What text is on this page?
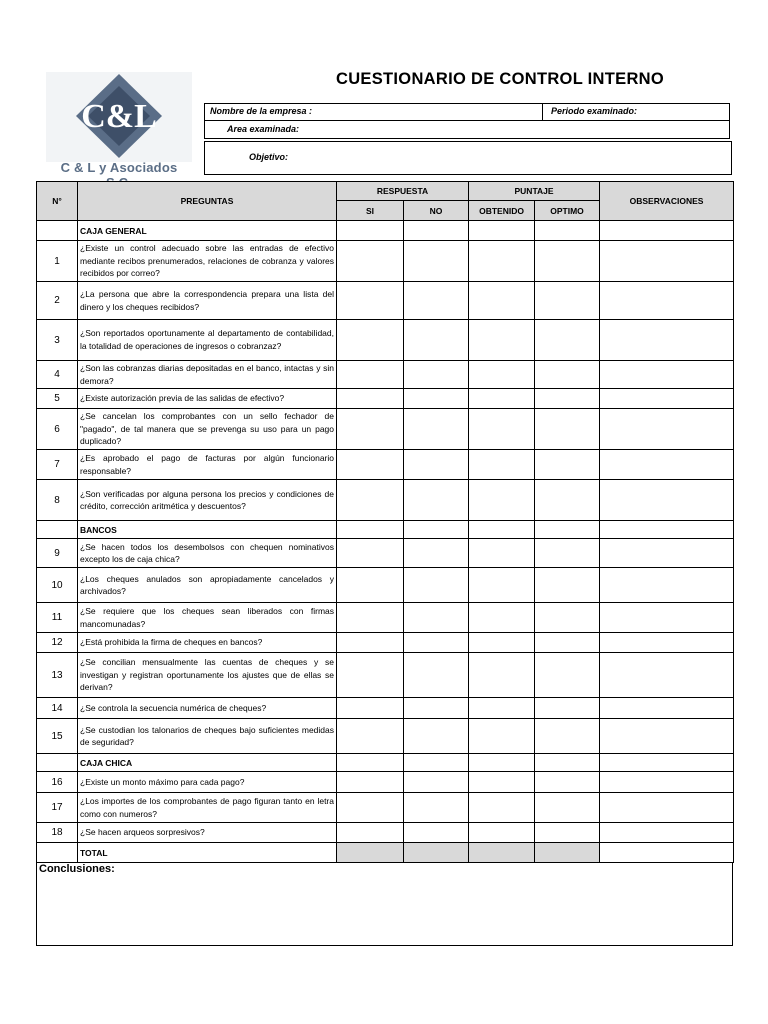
C&L
C & L y Asociados
CUESTIONARIO DE CONTROL INTERNO
Nombre de la empresa :	Periodo examinado:
Area examinada:
Objetivo:
N°	PREGUNTAS	RESPUESTA		PUNTAJE		OBSERVACIONES
		SI	NO	OBTENIDO	OPTIMO	
	CAJA GENERAL					
1	¿Existe un control adecuado sobre las entradas de efectivo mediante recibos prenumerados, relaciones de cobranza y valores recibidos por correo?					
2	¿La persona que abre la correspondencia prepara una lista del dinero y los cheques recibidos?					
3	¿Son reportados oportunamente al departamento de contabilidad, la totalidad de operaciones de ingresos o cobranzaz?					
4	¿Son las cobranzas diarias depositadas en el banco, intactas y sin demora?					
5	¿Existe autorización previa de las salidas de efectivo?					
6	¿Se cancelan los comprobantes con un sello fechador de "pagado", de tal manera que se prevenga su uso para un pago duplicado?					
7	¿Es aprobado el pago de facturas por algún funcionario responsable?					
8	¿Son verificadas por alguna persona los precios y condiciones de crédito, corrección aritmética y descuentos?					
	BANCOS					
9	¿Se hacen todos los desembolsos con chequen nominativos excepto los de caja chica?					
10	¿Los cheques anulados son apropiadamente cancelados y archivados?					
11	¿Se requiere que los cheques sean liberados con firmas mancomunadas?					
12	¿Está prohibida la firma de cheques en bancos?					
13	¿Se concilian mensualmente las cuentas de cheques y se investigan y registran oportunamente los ajustes que de ellas se derivan?					
14	¿Se controla la secuencia numérica de cheques?					
15	¿Se custodian los talonarios de cheques bajo suficientes medidas de seguridad?					
	CAJA CHICA					
16	¿Existe un monto máximo para cada pago?					
17	¿Los importes de los comprobantes de pago figuran tanto en letra como con numeros?					
18	¿Se hacen arqueos sorpresivos?					
	TOTAL					
Conclusiones:
